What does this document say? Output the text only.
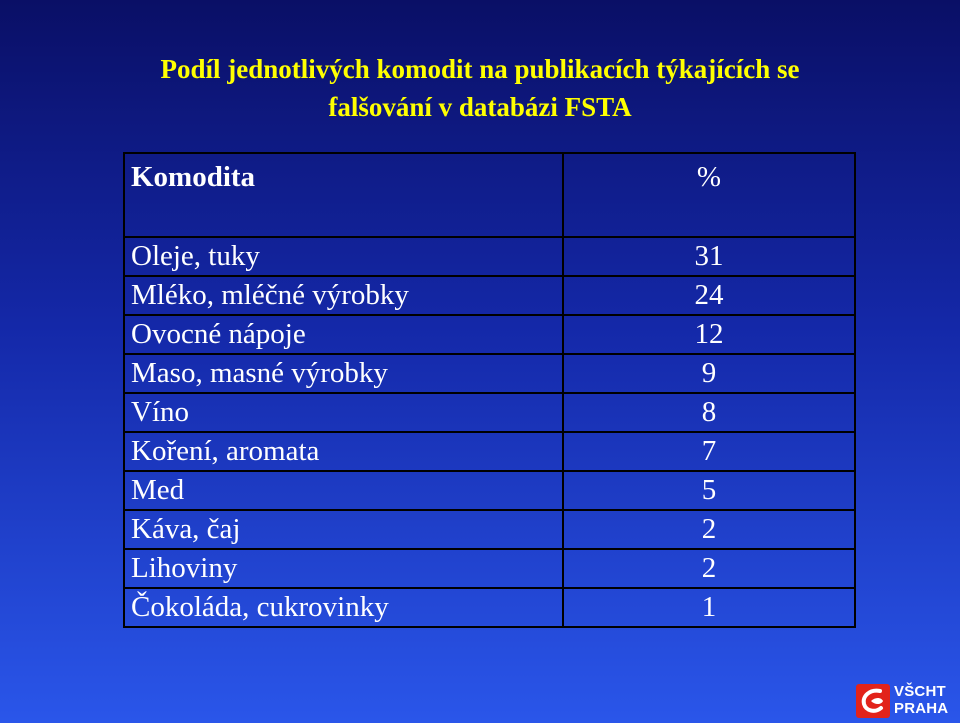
Podíl jednotlivých komodit na publikacích týkajících se
falšování v databázi FSTA
Komodita	%
Oleje, tuky	31
Mléko, mléčné výrobky	24
Ovocné nápoje	12
Maso, masné výrobky	9
Víno	8
Koření, aromata	7
Med	5
Káva, čaj	2
Lihoviny	2
Čokoláda, cukrovinky	1
VŠCHT
PRAHA
